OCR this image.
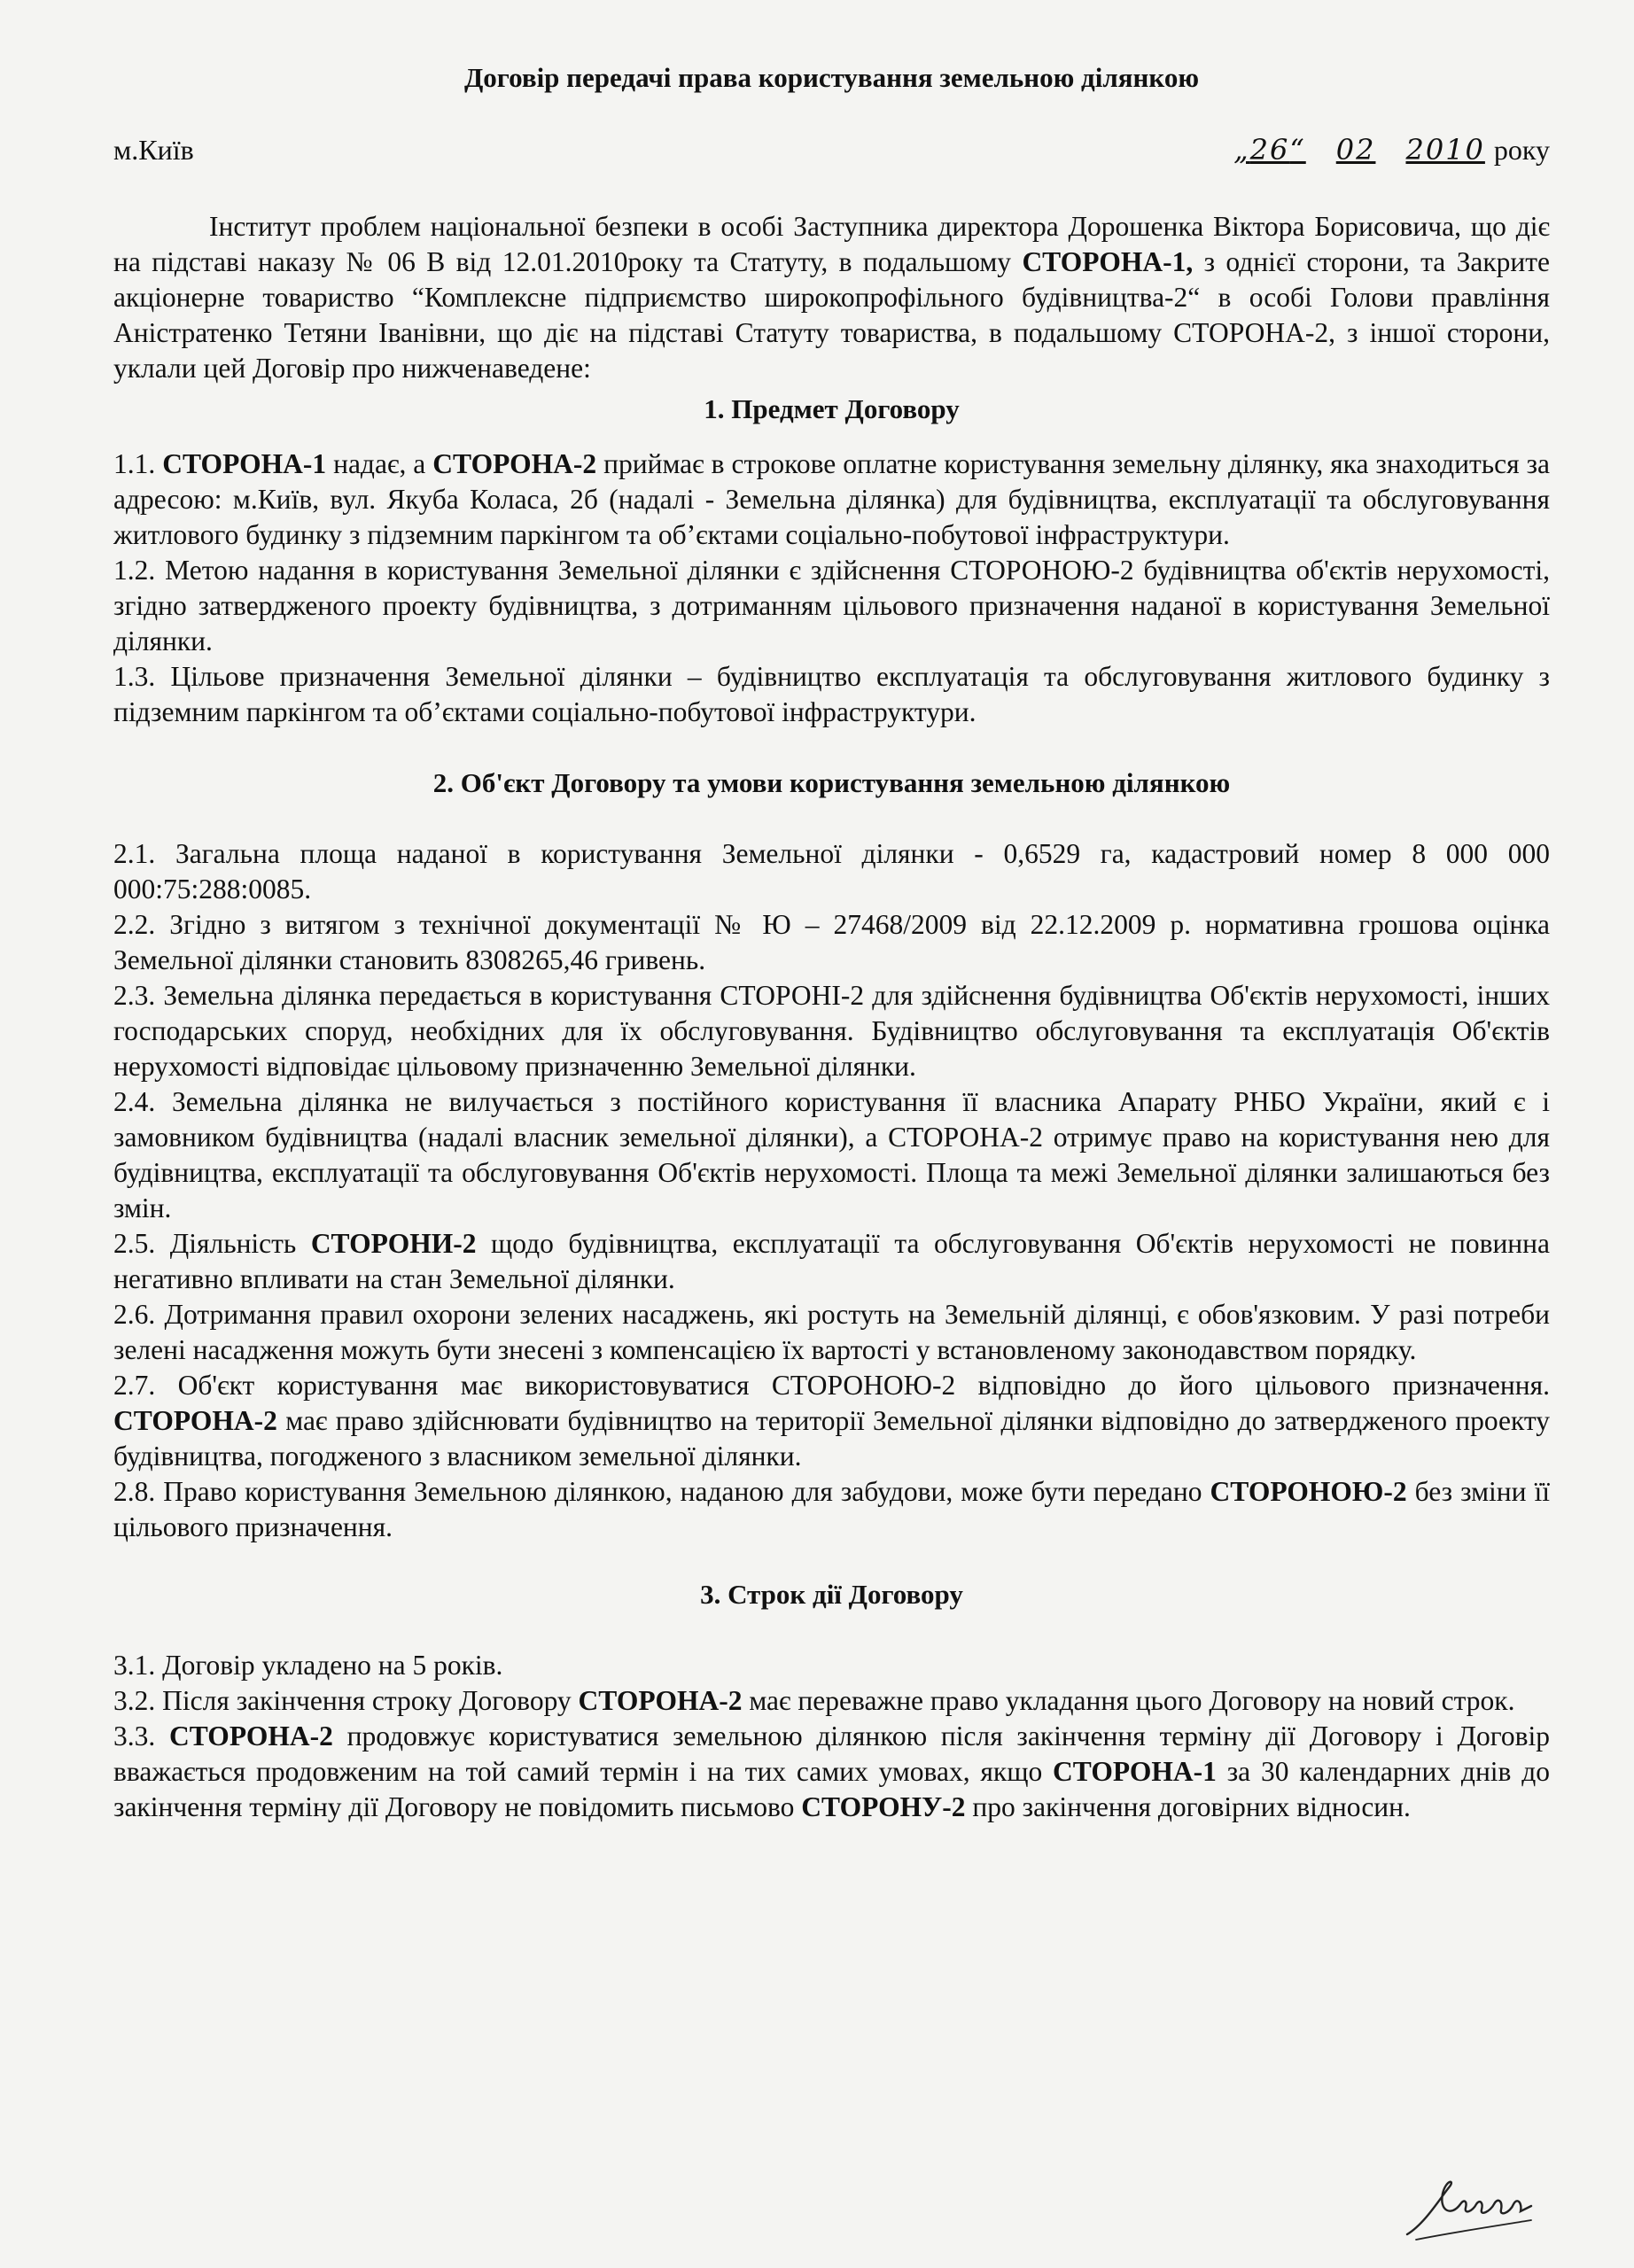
Договір передачі права користування земельною ділянкою
м.Київ	„26“ 02 2010 року

Інститут проблем національної безпеки в особі Заступника директора Дорошенка Віктора Борисовича, що діє на підставі наказу № 06 В від 12.01.2010року та Статуту, в подальшому СТОРОНА-1, з однієї сторони, та Закрите акціонерне товариство “Комплексне підприємство широкопрофільного будівництва-2“ в особі Голови правління Аністратенко Тетяни Іванівни, що діє на підставі Статуту товариства, в подальшому СТОРОНА-2, з іншої сторони, уклали цей Договір про нижченаведене:

1. Предмет Договору

1.1. СТОРОНА-1 надає, а СТОРОНА-2 приймає в строкове оплатне користування земельну ділянку, яка знаходиться за адресою: м.Київ, вул. Якуба Коласа, 2б (надалі - Земельна ділянка) для будівництва, експлуатації та обслуговування житлового будинку з підземним паркінгом та об’єктами соціально-побутової інфраструктури.

1.2. Метою надання в користування Земельної ділянки є здійснення СТОРОНОЮ-2 будівництва об'єктів нерухомості, згідно затвердженого проекту будівництва, з дотриманням цільового призначення наданої в користування Земельної ділянки.

1.3. Цільове призначення Земельної ділянки – будівництво експлуатація та обслуговування житлового будинку з підземним паркінгом та об’єктами соціально-побутової інфраструктури.

2. Об'єкт Договору та умови користування земельною ділянкою

2.1. Загальна площа наданої в користування Земельної ділянки - 0,6529 га, кадастровий номер 8 000 000 000:75:288:0085.

2.2. Згідно з витягом з технічної документації № Ю – 27468/2009 від 22.12.2009 р. нормативна грошова оцінка Земельної ділянки становить 8308265,46 гривень.

2.3. Земельна ділянка передається в користування СТОРОНІ-2 для здійснення будівництва Об'єктів нерухомості, інших господарських споруд, необхідних для їх обслуговування. Будівництво обслуговування та експлуатація Об'єктів нерухомості відповідає цільовому призначенню Земельної ділянки.

2.4. Земельна ділянка не вилучається з постійного користування її власника Апарату РНБО України, який є і замовником будівництва (надалі власник земельної ділянки), а СТОРОНА-2 отримує право на користування нею для будівництва, експлуатації та обслуговування Об'єктів нерухомості. Площа та межі Земельної ділянки залишаються без змін.

2.5. Діяльність СТОРОНИ-2 щодо будівництва, експлуатації та обслуговування Об'єктів нерухомості не повинна негативно впливати на стан Земельної ділянки.

2.6. Дотримання правил охорони зелених насаджень, які ростуть на Земельній ділянці, є обов'язковим. У разі потреби зелені насадження можуть бути знесені з компенсацією їх вартості у встановленому законодавством порядку.

2.7. Об'єкт користування має використовуватися СТОРОНОЮ-2 відповідно до його цільового призначення. СТОРОНА-2 має право здійснювати будівництво на території Земельної ділянки відповідно до затвердженого проекту будівництва, погодженого з власником земельної ділянки.

2.8. Право користування Земельною ділянкою, наданою для забудови, може бути передано СТОРОНОЮ-2 без зміни її цільового призначення.

3. Строк дії Договору

3.1. Договір укладено на 5 років.

3.2. Після закінчення строку Договору СТОРОНА-2 має переважне право укладання цього Договору на новий строк.

3.3. СТОРОНА-2 продовжує користуватися земельною ділянкою після закінчення терміну дії Договору і Договір вважається продовженим на той самий термін і на тих самих умовах, якщо СТОРОНА-1 за 30 календарних днів до закінчення терміну дії Договору не повідомить письмово СТОРОНУ-2 про закінчення договірних відносин.
